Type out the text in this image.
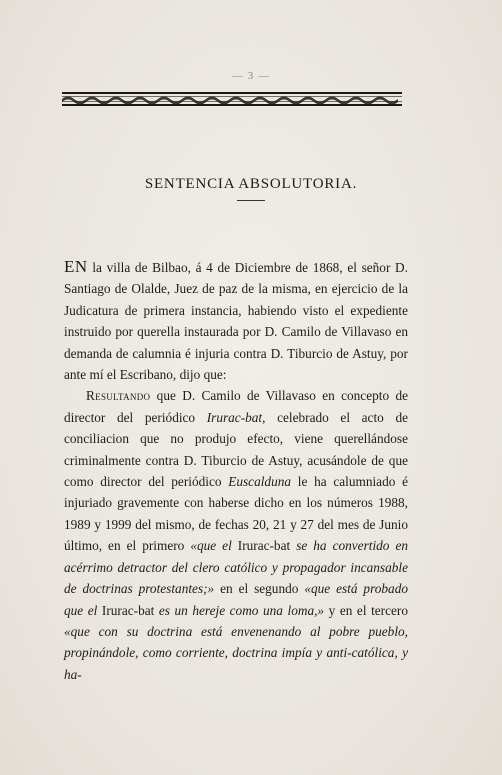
— 3 —
SENTENCIA ABSOLUTORIA.

EN la villa de Bilbao, á 4 de Diciembre de 1868, el señor D. Santiago de Olalde, Juez de paz de la misma, en ejercicio de la Judicatura de primera instancia, habiendo visto el expediente instruido por querella instaurada por D. Camilo de Villavaso en demanda de calumnia é injuria contra D. Tiburcio de Astuy, por ante mí el Escribano, dijo que:

Resultando que D. Camilo de Villavaso en concepto de director del periódico Irurac-bat, celebrado el acto de conciliacion que no produjo efecto, viene querellándose criminalmente contra D. Tiburcio de Astuy, acusándole de que como director del periódico Euscalduna le ha calumniado é injuriado gravemente con haberse dicho en los números 1988, 1989 y 1999 del mismo, de fechas 20, 21 y 27 del mes de Junio último, en el primero «que el Irurac-bat se ha convertido en acérrimo detractor del clero católico y propagador incansable de doctrinas protestantes;» en el segundo «que está probado que el Irurac-bat es un hereje como una loma,» y en el tercero «que con su doctrina está envenenando al pobre pueblo, propinándole, como corriente, doctrina impía y anti-católica, y ha-
